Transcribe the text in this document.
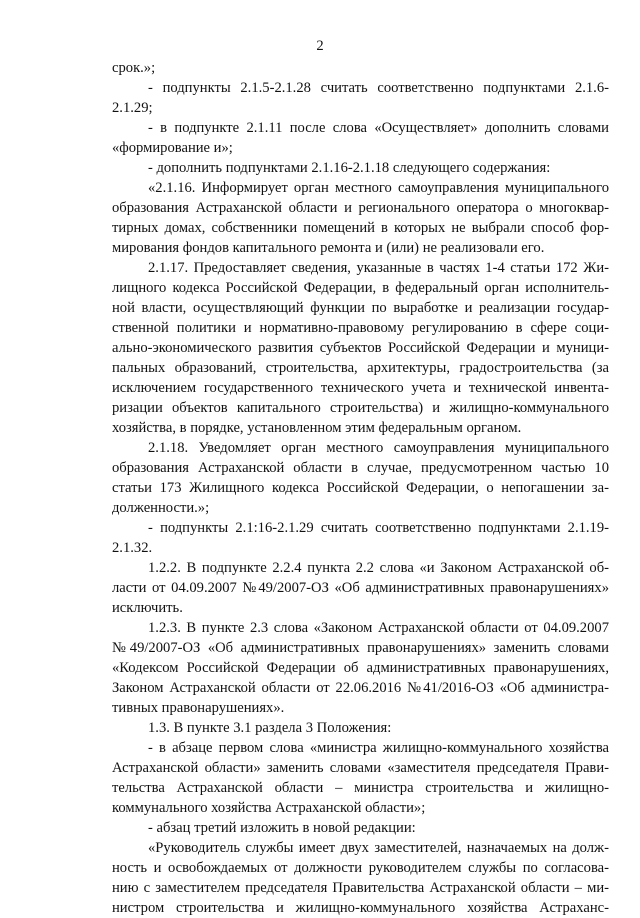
2
срок.»;
- подпункты 2.1.5-2.1.28 считать соответственно подпунктами 2.1.6-
2.1.29;
- в подпункте 2.1.11 после слова «Осуществляет» дополнить словами
«формирование и»;
- дополнить подпунктами 2.1.16-2.1.18 следующего содержания:
«2.1.16. Информирует орган местного самоуправления муниципального
образования Астраханской области и регионального оператора о многоквар-
тирных домах, собственники помещений в которых не выбрали способ фор-
мирования фондов капитального ремонта и (или) не реализовали его.
2.1.17. Предоставляет сведения, указанные в частях 1-4 статьи 172 Жи-
лищного кодекса Российской Федерации, в федеральный орган исполнитель-
ной власти, осуществляющий функции по выработке и реализации государ-
ственной политики и нормативно-правовому регулированию в сфере соци-
ально-экономического развития субъектов Российской Федерации и муници-
пальных образований, строительства, архитектуры, градостроительства (за
исключением государственного технического учета и технической инвента-
ризации объектов капитального строительства) и жилищно-коммунального
хозяйства, в порядке, установленном этим федеральным органом.
2.1.18. Уведомляет орган местного самоуправления муниципального
образования Астраханской области в случае, предусмотренном частью 10
статьи 173 Жилищного кодекса Российской Федерации, о непогашении за-
долженности.»;
- подпункты 2.1:16-2.1.29 считать соответственно подпунктами 2.1.19-
2.1.32.
1.2.2. В подпункте 2.2.4 пункта 2.2 слова «и Законом Астраханской об-
ласти от 04.09.2007 №49/2007-ОЗ «Об административных правонарушениях»
исключить.
1.2.3. В пункте 2.3 слова «Законом Астраханской области от 04.09.2007
№49/2007-ОЗ «Об административных правонарушениях» заменить словами
«Кодексом Российской Федерации об административных правонарушениях,
Законом Астраханской области от 22.06.2016 №41/2016-ОЗ «Об администра-
тивных правонарушениях».
1.3. В пункте 3.1 раздела 3 Положения:
- в абзаце первом слова «министра жилищно-коммунального хозяйства
Астраханской области» заменить словами «заместителя председателя Прави-
тельства Астраханской области – министра строительства и жилищно-
коммунального хозяйства Астраханской области»;
- абзац третий изложить в новой редакции:
«Руководитель службы имеет двух заместителей, назначаемых на долж-
ность и освобождаемых от должности руководителем службы по согласова-
нию с заместителем председателя Правительства Астраханской области – ми-
нистром строительства и жилищно-коммунального хозяйства Астраханс-
